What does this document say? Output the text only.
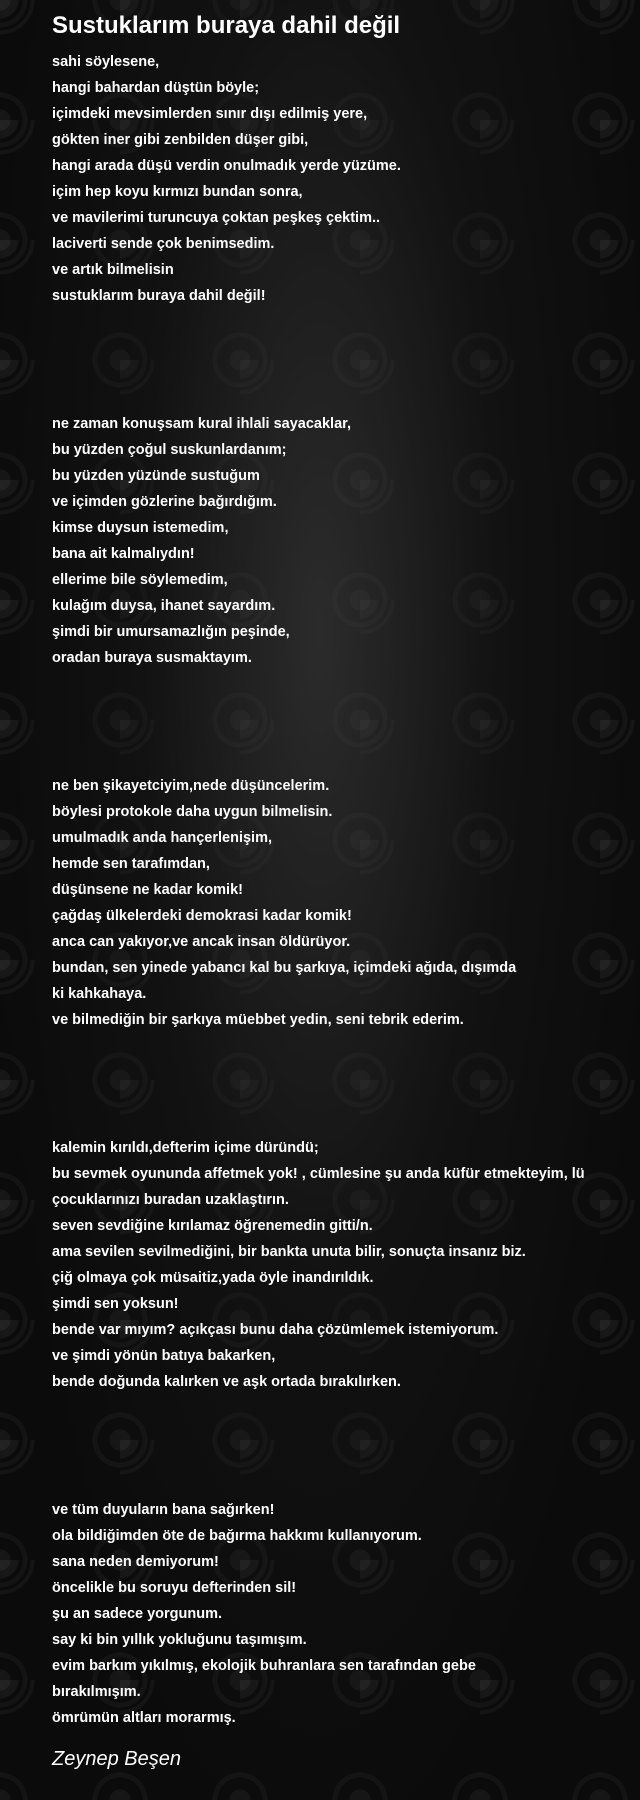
Sustuklarım buraya dahil değil
sahi söylesene,
hangi bahardan düştün böyle;
içimdeki mevsimlerden sınır dışı edilmiş yere,
gökten iner gibi zenbilden düşer gibi,
hangi arada düşü verdin onulmadık yerde yüzüme.
içim hep koyu kırmızı bundan sonra,
ve mavilerimi turuncuya çoktan peşkeş çektim..
laciverti sende çok benimsedim.
ve artık bilmelisin
sustuklarım buraya dahil değil!
ne zaman konuşsam kural ihlali sayacaklar,
bu yüzden çoğul suskunlardanım;
bu yüzden yüzünde sustuğum
ve içimden gözlerine bağırdığım.
kimse duysun istemedim,
bana ait kalmalıydın!
ellerime bile söylemedim,
kulağım duysa, ihanet sayardım.
şimdi bir umursamazlığın peşinde,
oradan buraya susmaktayım.
ne ben şikayetciyim,nede düşüncelerim.
böylesi protokole daha uygun bilmelisin.
umulmadık anda hançerlenişim,
hemde sen tarafımdan,
düşünsene ne kadar komik!
çağdaş ülkelerdeki demokrasi kadar komik!
anca can yakıyor,ve ancak insan öldürüyor.
bundan, sen yinede yabancı kal bu şarkıya, içimdeki ağıda, dışımda
ki kahkahaya.
ve bilmediğin bir şarkıya müebbet yedin, seni tebrik ederim.
kalemin kırıldı,defterim içime düründü;
bu sevmek oyununda affetmek yok! , cümlesine şu anda küfür etmekteyim, lü
çocuklarınızı buradan uzaklaştırın.
seven sevdiğine kırılamaz öğrenemedin gitti/n.
ama sevilen sevilmediğini, bir bankta unuta bilir, sonuçta insanız biz.
çiğ olmaya çok müsaitiz,yada öyle inandırıldık.
şimdi sen yoksun!
bende var mıyım? açıkçası bunu daha çözümlemek istemiyorum.
ve şimdi yönün batıya bakarken,
bende doğunda kalırken ve aşk ortada bırakılırken.
ve tüm duyuların bana sağırken!
ola bildiğimden öte de bağırma hakkımı kullanıyorum.
sana neden demiyorum!
öncelikle bu soruyu defterinden sil!
şu an sadece yorgunum.
say ki bin yıllık yokluğunu taşımışım.
evim barkım yıkılmış, ekolojik buhranlara sen tarafından gebe
bırakılmışım.
ömrümün altları morarmış.
Zeynep Beşen
